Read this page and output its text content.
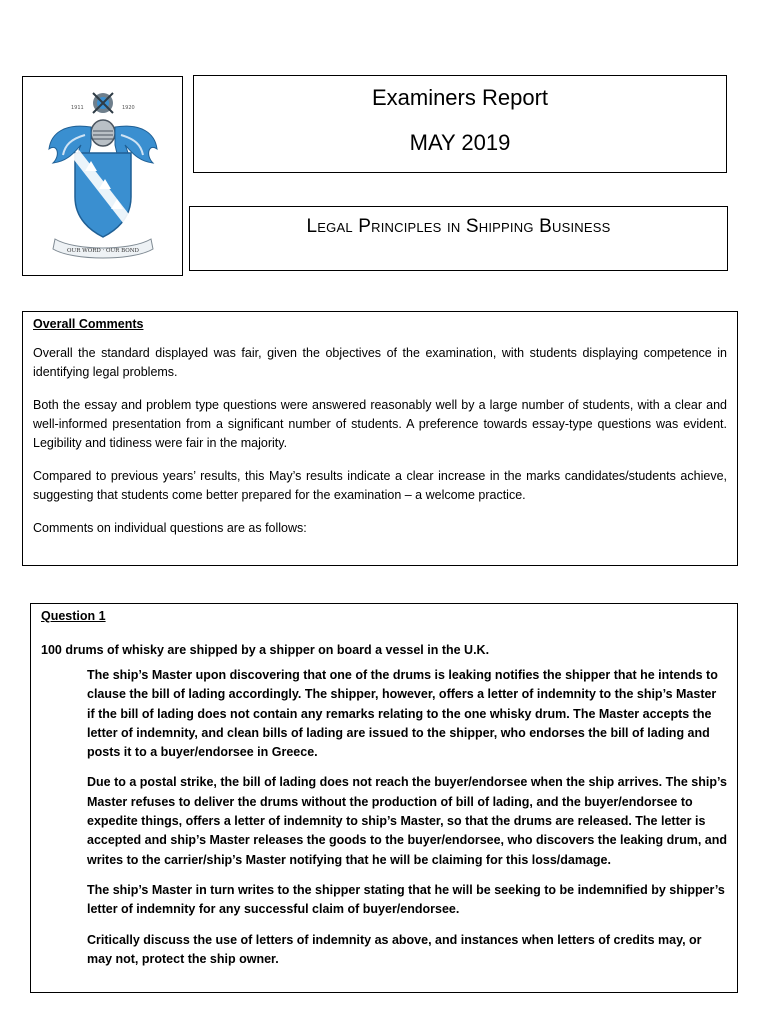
1911	1920
OUR WORD · OUR BOND
Examiners Report
MAY 2019
Legal Principles in Shipping Business
Overall Comments

Overall the standard displayed was fair, given the objectives of the examination, with students displaying competence in identifying legal problems.

Both the essay and problem type questions were answered reasonably well by a large number of students, with a clear and well-informed presentation from a significant number of students. A preference towards essay-type questions was evident. Legibility and tidiness were fair in the majority.

Compared to previous years’ results, this May’s results indicate a clear increase in the marks candidates/students achieve, suggesting that students come better prepared for the examination – a welcome practice.

Comments on individual questions are as follows:

Question 1

100 drums of whisky are shipped by a shipper on board a vessel in the U.K.

The ship’s Master upon discovering that one of the drums is leaking notifies the shipper that he intends to clause the bill of lading accordingly. The shipper, however, offers a letter of indemnity to the ship’s Master if the bill of lading does not contain any remarks relating to the one whisky drum. The Master accepts the letter of indemnity, and clean bills of lading are issued to the shipper, who endorses the bill of lading and posts it to a buyer/endorsee in Greece.

Due to a postal strike, the bill of lading does not reach the buyer/endorsee when the ship arrives. The ship’s Master refuses to deliver the drums without the production of bill of lading, and the buyer/endorsee to expedite things, offers a letter of indemnity to ship’s Master, so that the drums are released. The letter is accepted and ship’s Master releases the goods to the buyer/endorsee, who discovers the leaking drum, and writes to the carrier/ship’s Master notifying that he will be claiming for this loss/damage.

The ship’s Master in turn writes to the shipper stating that he will be seeking to be indemnified by shipper’s letter of indemnity for any successful claim of buyer/endorsee.

Critically discuss the use of letters of indemnity as above, and instances when letters of credits may, or may not, protect the ship owner.
